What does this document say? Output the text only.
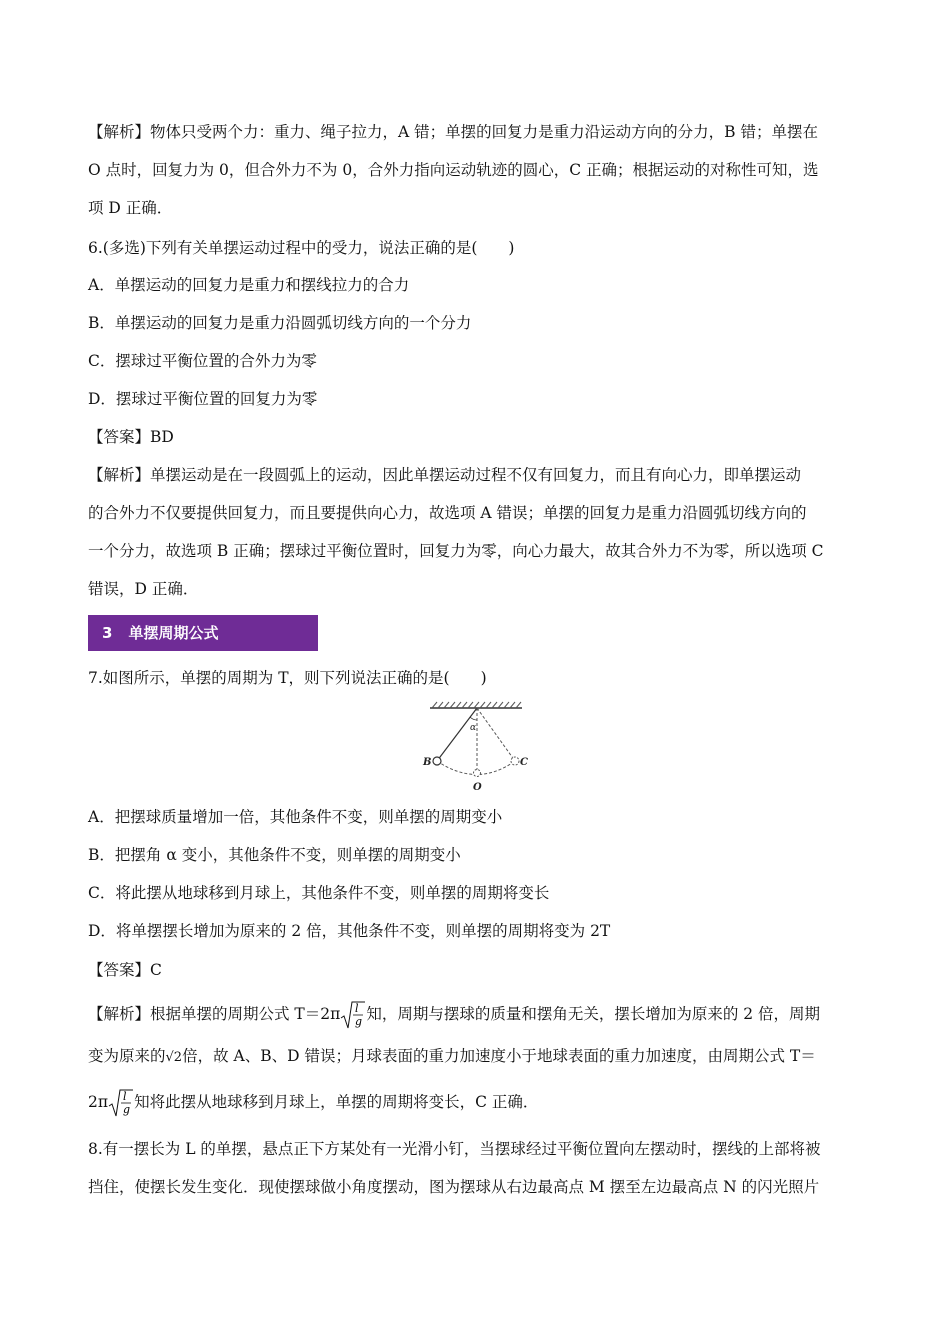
【解析】物体只受两个力：重力、绳子拉力，A 错；单摆的回复力是重力沿运动方向的分力，B 错；单摆在
O 点时，回复力为 0，但合外力不为 0，合外力指向运动轨迹的圆心，C 正确；根据运动的对称性可知，选
项 D 正确．
6.(多选)下列有关单摆运动过程中的受力，说法正确的是(　　)
A．单摆运动的回复力是重力和摆线拉力的合力
B．单摆运动的回复力是重力沿圆弧切线方向的一个分力
C．摆球过平衡位置的合外力为零
D．摆球过平衡位置的回复力为零
【答案】BD
【解析】单摆运动是在一段圆弧上的运动，因此单摆运动过程不仅有回复力，而且有向心力，即单摆运动
的合外力不仅要提供回复力，而且要提供向心力，故选项 A 错误；单摆的回复力是重力沿圆弧切线方向的
一个分力，故选项 B 正确；摆球过平衡位置时，回复力为零，向心力最大，故其合外力不为零，所以选项 C
错误，D 正确．
3 单摆周期公式
7.如图所示，单摆的周期为 T，则下列说法正确的是(　　)
α
B	C
O
A．把摆球质量增加一倍，其他条件不变，则单摆的周期变小
B．把摆角 α 变小，其他条件不变，则单摆的周期变小
C．将此摆从地球移到月球上，其他条件不变，则单摆的周期将变长
D．将单摆摆长增加为原来的 2 倍，其他条件不变，则单摆的周期将变为 2T
【答案】C
【解析】根据单摆的周期公式 T＝2π l
g 知，周期与摆球的质量和摆角无关，摆长增加为原来的 2 倍，周期
变为原来的√2倍，故 A、B、D 错误；月球表面的重力加速度小于地球表面的重力加速度，由周期公式 T＝
2π l
g 知将此摆从地球移到月球上，单摆的周期将变长，C 正确．
8.有一摆长为 L 的单摆，悬点正下方某处有一光滑小钉，当摆球经过平衡位置向左摆动时，摆线的上部将被
挡住，使摆长发生变化．现使摆球做小角度摆动，图为摆球从右边最高点 M 摆至左边最高点 N 的闪光照片
